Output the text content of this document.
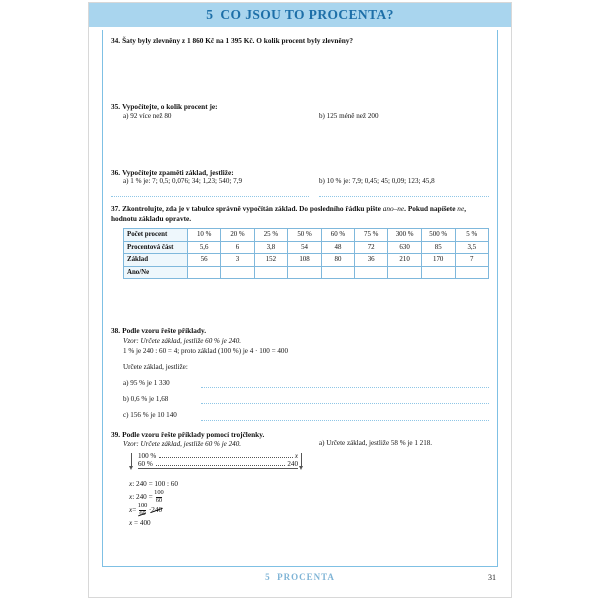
5 CO JSOU TO PROCENTA?
34. Šaty byly zlevněny z 1 860 Kč na 1 395 Kč. O kolik procent byly zlevněny?
35. Vypočítejte, o kolik procent je:
a) 92 více než 80	b) 125 méně než 200
36. Vypočítejte zpaměti základ, jestliže:
a) 1 % je: 7; 0,5; 0,076; 34; 1,23; 540; 7,9	b) 10 % je: 7,9; 0,45; 45; 0,09; 123; 45,8
37. Zkontrolujte, zda je v tabulce správně vypočítán základ. Do posledního řádku pište ano–ne. Pokud napíšete ne, hodnotu základu opravte.
Počet procent	10 %	20 %	25 %	50 %	60 %	75 %	300 %	500 %	5 %
Procentová část	5,6	6	3,8	54	48	72	630	85	3,5
Základ	56	3	152	108	80	36	210	170	7
Ano/Ne									
38. Podle vzoru řešte příklady.
Vzor: Určete základ, jestliže 60 % je 240.
1 % je 240 : 60 = 4; proto základ (100 %) je 4 · 100 = 400
Určete základ, jestliže:
a) 95 % je 1 330
b) 0,6 % je 1,68
c) 156 % je 10 140
39. Podle vzoru řešte příklady pomocí trojčlenky.
Vzor: Určete základ, jestliže 60 % je 240.	a) Určete základ, jestliže 58 % je 1 218.
100 %	x
60 %	240
x : 240 = 100 : 60
x : $240 = \frac{100}{60}$
$x = \frac{100}{60} \cdot 240$
x
= 400
5 PROCENTA	31
